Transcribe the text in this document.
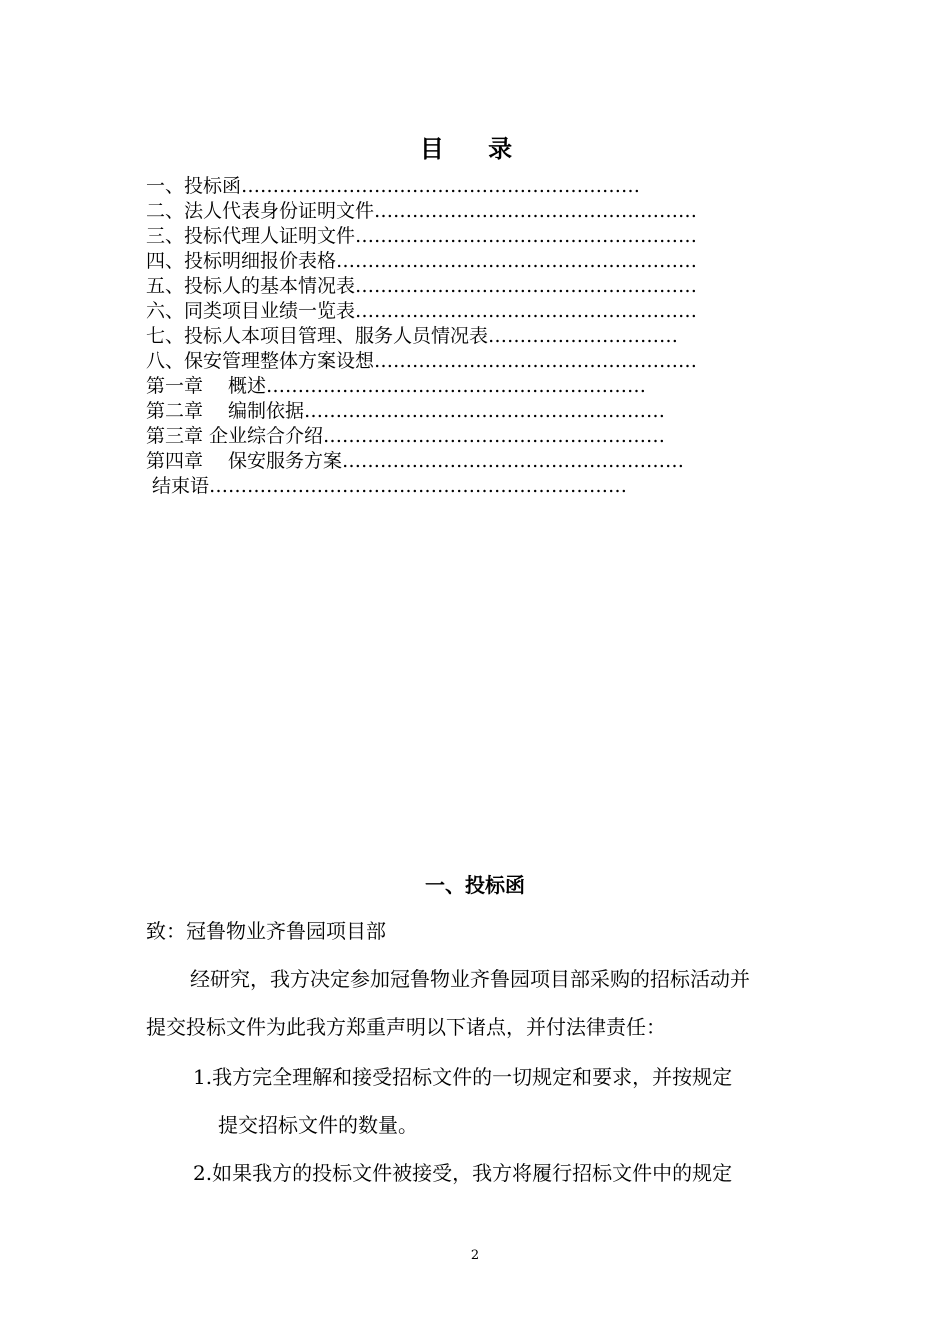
目 录
一、投标函………………………………………………………
二、法人代表身份证明文件……………………………………………
三、投标代理人证明文件………………………………………………
四、投标明细报价表格…………………………………………………
五、投标人的基本情况表………………………………………………
六、同类项目业绩一览表………………………………………………
七、投标人本项目管理、服务人员情况表…………………………
八、保安管理整体方案设想……………………………………………
第一章　 概述……………………………………………………
第二章　 编制依据…………………………………………………
第三章 企业综合介绍………………………………………………
第四章　 保安服务方案………………………………………………
结束语…………………………………………………………
一、投标函
致：冠鲁物业齐鲁园项目部
经研究，我方决定参加冠鲁物业齐鲁园项目部采购的招标活动并
提交投标文件为此我方郑重声明以下诸点，并付法律责任：
1.我方完全理解和接受招标文件的一切规定和要求，并按规定
提交招标文件的数量。
2.如果我方的投标文件被接受，我方将履行招标文件中的规定
2
